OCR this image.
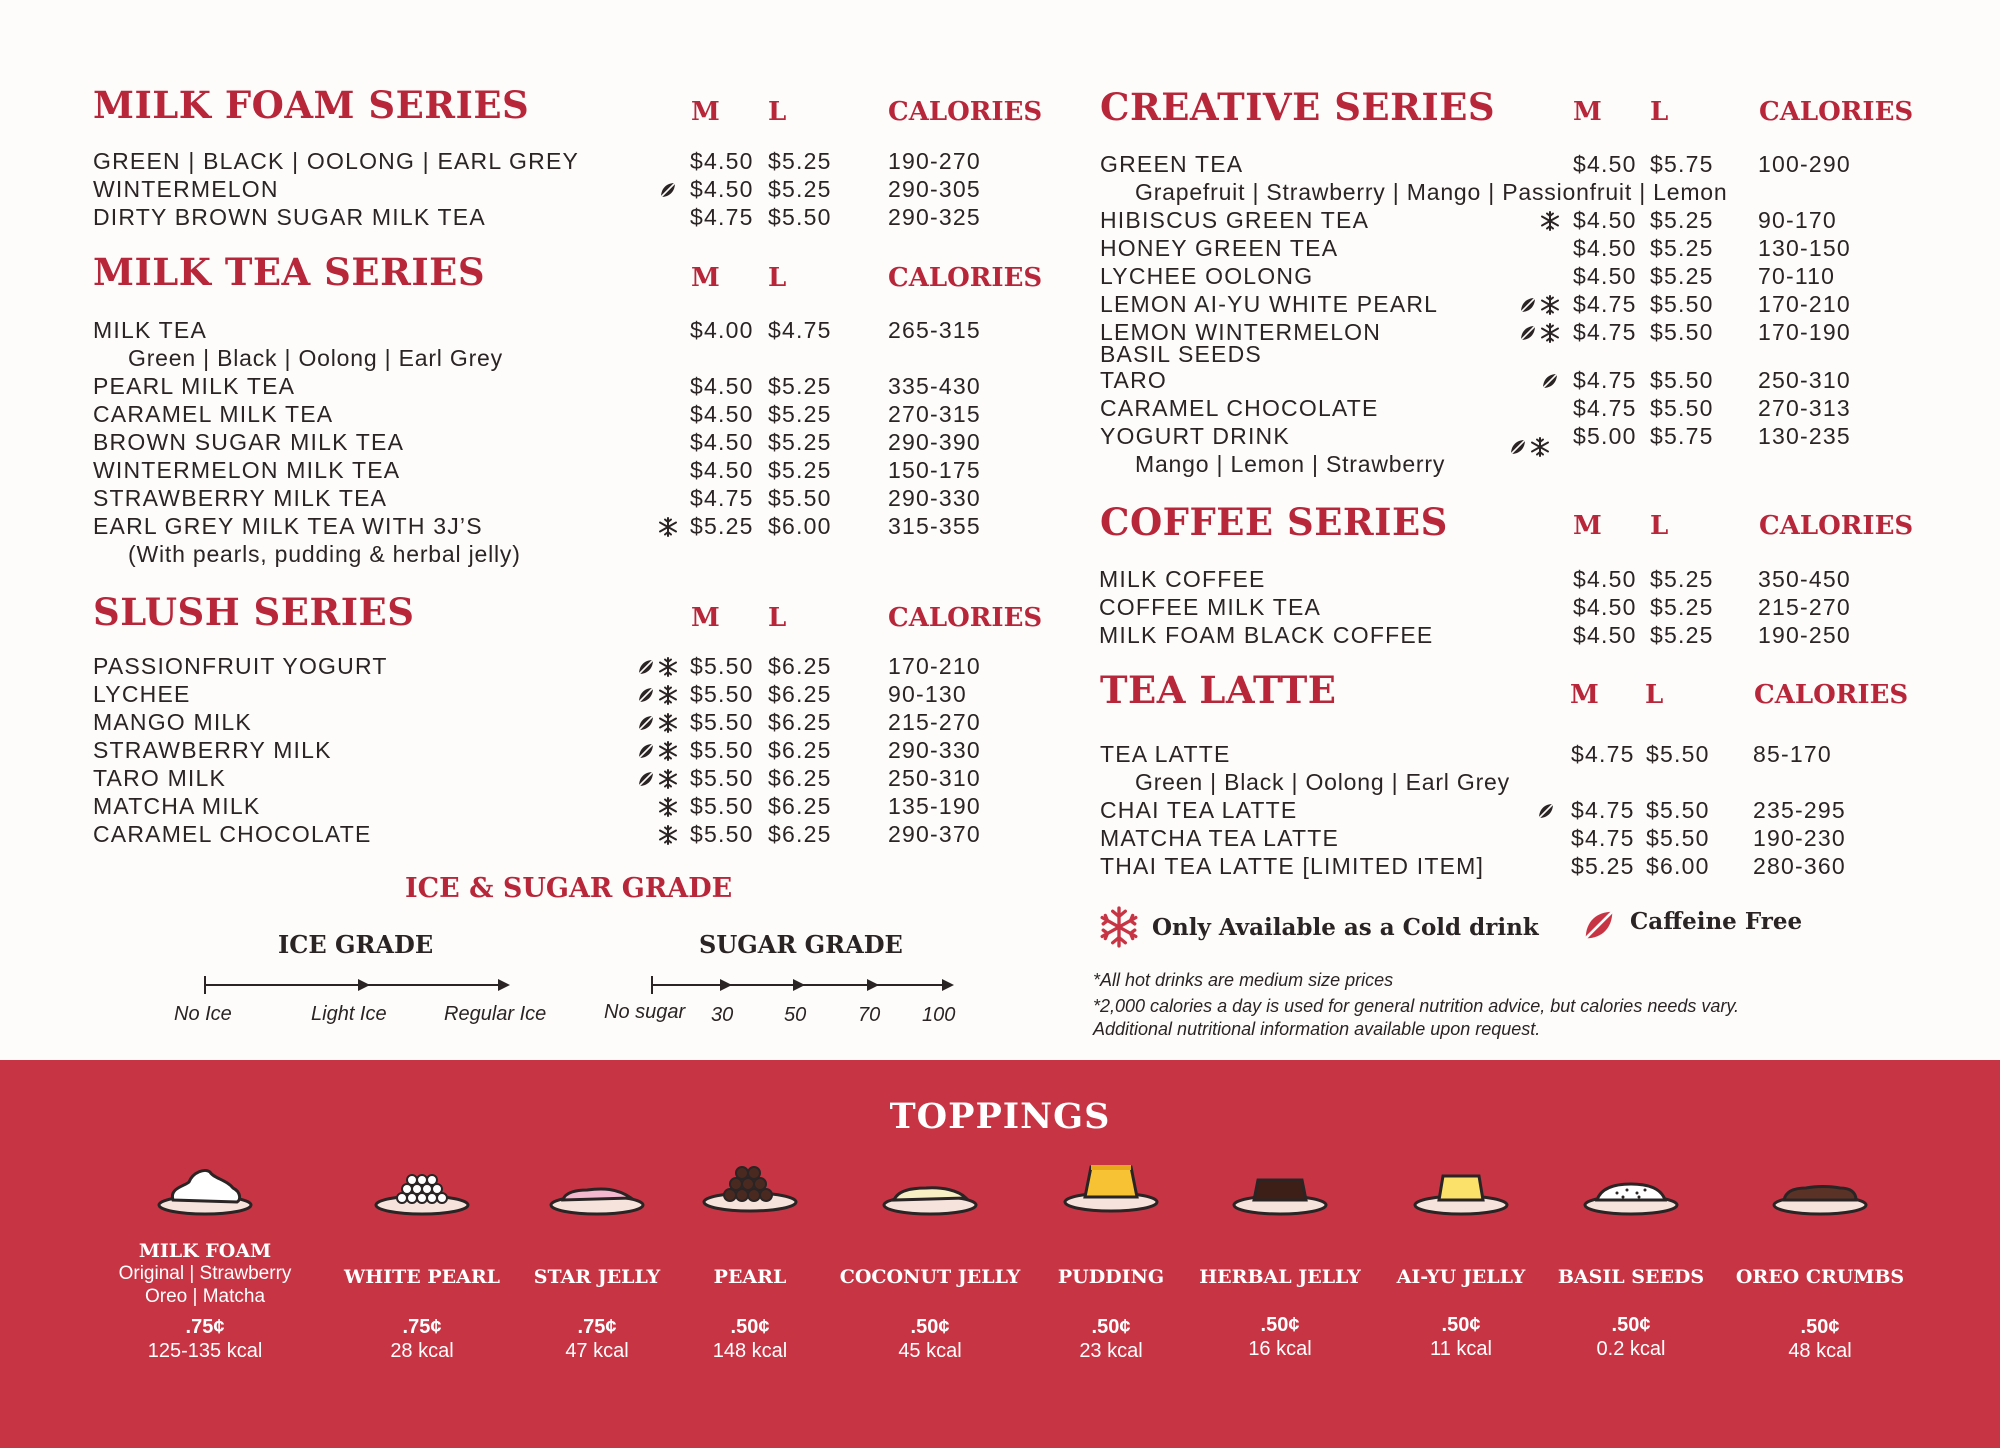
MILK FOAM SERIES	M L	CALORIES
GREEN | BLACK | OOLONG | EARL GREY	$4.50 $5.25 190-270
WINTERMELON	$4.50 $5.25 290-305
DIRTY BROWN SUGAR MILK TEA	$4.75 $5.50 290-325
MILK TEA SERIES	M L	CALORIES
MILK TEA	$4.00 $4.75 265-315
Green | Black | Oolong | Earl Grey
PEARL MILK TEA	$4.50 $5.25 335-430
CARAMEL MILK TEA	$4.50 $5.25 270-315
BROWN SUGAR MILK TEA	$4.50 $5.25 290-390
WINTERMELON MILK TEA	$4.50 $5.25 150-175
STRAWBERRY MILK TEA	$4.75 $5.50 290-330
EARL GREY MILK TEA WITH 3J’S	$5.25 $6.00 315-355
(With pearls, pudding & herbal jelly)
SLUSH SERIES	M L	CALORIES
PASSIONFRUIT YOGURT	$5.50 $6.25 170-210
LYCHEE	$5.50 $6.25 90-130
MANGO MILK	$5.50 $6.25 215-270
STRAWBERRY MILK	$5.50 $6.25 290-330
TARO MILK	$5.50 $6.25 250-310
MATCHA MILK	$5.50 $6.25 135-190
CARAMEL CHOCOLATE	$5.50 $6.25 290-370
ICE & SUGAR GRADE
ICE GRADE	SUGAR GRADE
No Ice	Light Ice	Regular Ice	No sugar 30	50	70 100
CREATIVE SERIES	M L	CALORIES
GREEN TEA	$4.50 $5.75 100-290
Grapefruit | Strawberry | Mango | Passionfruit | Lemon
HIBISCUS GREEN TEA	$4.50 $5.25 90-170
HONEY GREEN TEA	$4.50 $5.25 130-150
LYCHEE OOLONG	$4.50 $5.25 70-110
LEMON AI-YU WHITE PEARL	$4.75 $5.50 170-210
LEMON WINTERMELON	$4.75 $5.50 170-190
BASIL SEEDS
TARO	$4.75 $5.50 250-310
CARAMEL CHOCOLATE	$4.75 $5.50 270-313
YOGURT DRINK	$5.00 $5.75 130-235
Mango | Lemon | Strawberry
COFFEE SERIES	M L	CALORIES
MILK COFFEE	$4.50 $5.25 350-450
COFFEE MILK TEA	$4.50 $5.25 215-270
MILK FOAM BLACK COFFEE	$4.50 $5.25 190-250
TEA LATTE	M L	CALORIES
TEA LATTE	$4.75 $5.50 85-170
Green | Black | Oolong | Earl Grey
CHAI TEA LATTE	$4.75 $5.50 235-295
MATCHA TEA LATTE	$4.75 $5.50 190-230
THAI TEA LATTE [LIMITED ITEM]	$5.25 $6.00 280-360
Only Available as a Cold drink	Caffeine Free
*All hot drinks are medium size prices
*2,000 calories a day is used for general nutrition advice, but calories needs vary.
Additional nutritional information available upon request.
TOPPINGS
MILK FOAM
Original | Strawberry
Oreo | Matcha
.75¢
125-135 kcal
WHITE PEARL
.75¢
28 kcal
STAR JELLY
.75¢
47 kcal
PEARL
.50¢
148 kcal
COCONUT JELLY
.50¢
45 kcal
PUDDING
.50¢
23 kcal
HERBAL JELLY
.50¢
16 kcal
AI-YU JELLY
.50¢
11 kcal
BASIL SEEDS
.50¢
0.2 kcal
OREO CRUMBS
.50¢
48 kcal
